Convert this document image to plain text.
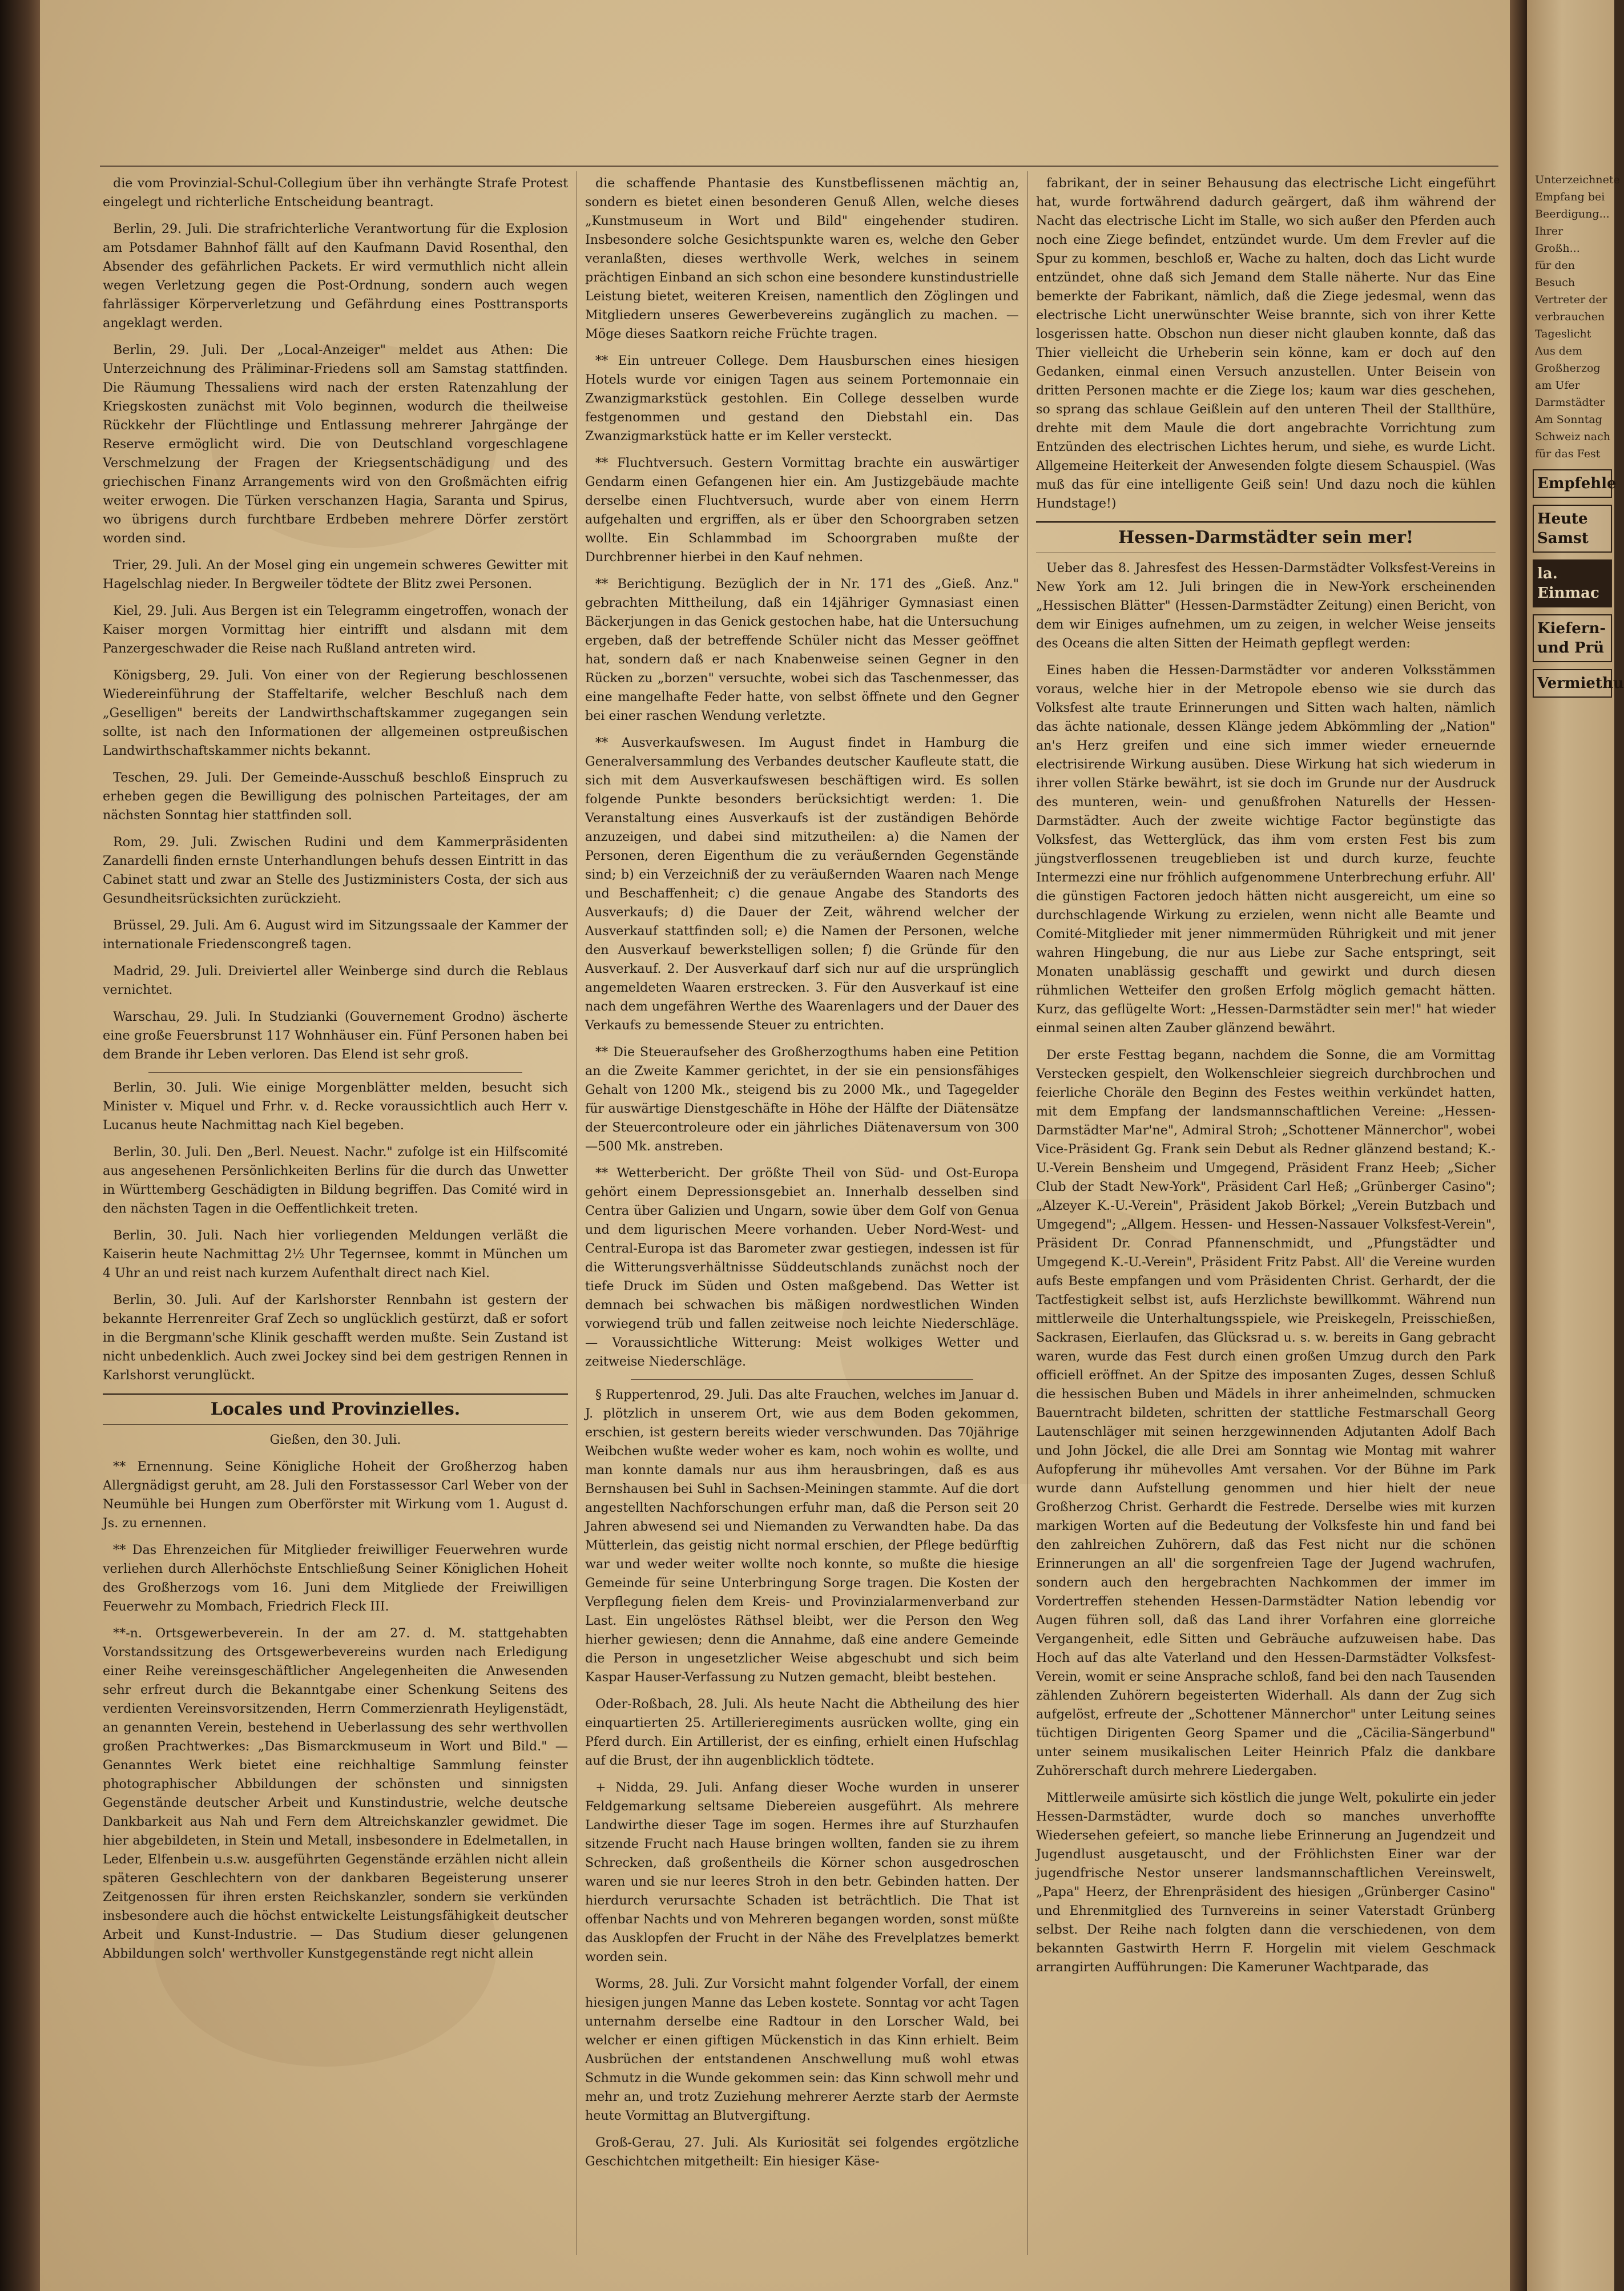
die vom Provinzial-Schul-Collegium über ihn verhängte Strafe Protest eingelegt und richterliche Entscheidung beantragt.

Berlin, 29. Juli. Die strafrichterliche Verantwortung für die Explosion am Potsdamer Bahnhof fällt auf den Kaufmann David Rosenthal, den Absender des gefährlichen Packets. Er wird vermuthlich nicht allein wegen Verletzung gegen die Post-Ordnung, sondern auch wegen fahrlässiger Körperverletzung und Gefährdung eines Posttransports angeklagt werden.

Berlin, 29. Juli. Der „Local-Anzeiger" meldet aus Athen: Die Unterzeichnung des Präliminar-Friedens soll am Samstag stattfinden. Die Räumung Thessaliens wird nach der ersten Ratenzahlung der Kriegskosten zunächst mit Volo beginnen, wodurch die theilweise Rückkehr der Flüchtlinge und Entlassung mehrerer Jahrgänge der Reserve ermöglicht wird. Die von Deutschland vorgeschlagene Verschmelzung der Fragen der Kriegsentschädigung und des griechischen Finanz Arrangements wird von den Großmächten eifrig weiter erwogen. Die Türken verschanzen Hagia, Saranta und Spirus, wo übrigens durch furchtbare Erdbeben mehrere Dörfer zerstört worden sind.

Trier, 29. Juli. An der Mosel ging ein ungemein schweres Gewitter mit Hagelschlag nieder. In Bergweiler tödtete der Blitz zwei Personen.

Kiel, 29. Juli. Aus Bergen ist ein Telegramm eingetroffen, wonach der Kaiser morgen Vormittag hier eintrifft und alsdann mit dem Panzergeschwader die Reise nach Rußland antreten wird.

Königsberg, 29. Juli. Von einer von der Regierung beschlossenen Wiedereinführung der Staffeltarife, welcher Beschluß nach dem „Geselligen" bereits der Landwirthschaftskammer zugegangen sein sollte, ist nach den Informationen der allgemeinen ostpreußischen Landwirthschaftskammer nichts bekannt.

Teschen, 29. Juli. Der Gemeinde-Ausschuß beschloß Einspruch zu erheben gegen die Bewilligung des polnischen Parteitages, der am nächsten Sonntag hier stattfinden soll.

Rom, 29. Juli. Zwischen Rudini und dem Kammerpräsidenten Zanardelli finden ernste Unterhandlungen behufs dessen Eintritt in das Cabinet statt und zwar an Stelle des Justizministers Costa, der sich aus Gesundheitsrücksichten zurückzieht.

Brüssel, 29. Juli. Am 6. August wird im Sitzungssaale der Kammer der internationale Friedenscongreß tagen.

Madrid, 29. Juli. Dreiviertel aller Weinberge sind durch die Reblaus vernichtet.

Warschau, 29. Juli. In Studzianki (Gouvernement Grodno) äscherte eine große Feuersbrunst 117 Wohnhäuser ein. Fünf Personen haben bei dem Brande ihr Leben verloren. Das Elend ist sehr groß.

Berlin, 30. Juli. Wie einige Morgenblätter melden, besucht sich Minister v. Miquel und Frhr. v. d. Recke voraussichtlich auch Herr v. Lucanus heute Nachmittag nach Kiel begeben.

Berlin, 30. Juli. Den „Berl. Neuest. Nachr." zufolge ist ein Hilfscomité aus angesehenen Persönlichkeiten Berlins für die durch das Unwetter in Württemberg Geschädigten in Bildung begriffen. Das Comité wird in den nächsten Tagen in die Oeffentlichkeit treten.

Berlin, 30. Juli. Nach hier vorliegenden Meldungen verläßt die Kaiserin heute Nachmittag 2½ Uhr Tegernsee, kommt in München um 4 Uhr an und reist nach kurzem Aufenthalt direct nach Kiel.

Berlin, 30. Juli. Auf der Karlshorster Rennbahn ist gestern der bekannte Herrenreiter Graf Zech so unglücklich gestürzt, daß er sofort in die Bergmann'sche Klinik geschafft werden mußte. Sein Zustand ist nicht unbedenklich. Auch zwei Jockey sind bei dem gestrigen Rennen in Karlshorst verunglückt.

Locales und Provinzielles.

Gießen, den 30. Juli.

** Ernennung. Seine Königliche Hoheit der Großherzog haben Allergnädigst geruht, am 28. Juli den Forstassessor Carl Weber von der Neumühle bei Hungen zum Oberförster mit Wirkung vom 1. August d. Js. zu ernennen.

** Das Ehrenzeichen für Mitglieder freiwilliger Feuerwehren wurde verliehen durch Allerhöchste Entschließung Seiner Königlichen Hoheit des Großherzogs vom 16. Juni dem Mitgliede der Freiwilligen Feuerwehr zu Mombach, Friedrich Fleck III.

**-n. Ortsgewerbeverein. In der am 27. d. M. stattgehabten Vorstandssitzung des Ortsgewerbevereins wurden nach Erledigung einer Reihe vereinsgeschäftlicher Angelegenheiten die Anwesenden sehr erfreut durch die Bekanntgabe einer Schenkung Seitens des verdienten Vereinsvorsitzenden, Herrn Commerzienrath Heyligenstädt, an genannten Verein, bestehend in Ueberlassung des sehr werthvollen großen Prachtwerkes: „Das Bismarckmuseum in Wort und Bild." — Genanntes Werk bietet eine reichhaltige Sammlung feinster photographischer Abbildungen der schönsten und sinnigsten Gegenstände deutscher Arbeit und Kunstindustrie, welche deutsche Dankbarkeit aus Nah und Fern dem Altreichskanzler gewidmet. Die hier abgebildeten, in Stein und Metall, insbesondere in Edelmetallen, in Leder, Elfenbein u.s.w. ausgeführten Gegenstände erzählen nicht allein späteren Geschlechtern von der dankbaren Begeisterung unserer Zeitgenossen für ihren ersten Reichskanzler, sondern sie verkünden insbesondere auch die höchst entwickelte Leistungsfähigkeit deutscher Arbeit und Kunst-Industrie. — Das Studium dieser gelungenen Abbildungen solch' werthvoller Kunstgegenstände regt nicht allein

die schaffende Phantasie des Kunstbeflissenen mächtig an, sondern es bietet einen besonderen Genuß Allen, welche dieses „Kunstmuseum in Wort und Bild" eingehender studiren. Insbesondere solche Gesichtspunkte waren es, welche den Geber veranlaßten, dieses werthvolle Werk, welches in seinem prächtigen Einband an sich schon eine besondere kunstindustrielle Leistung bietet, weiteren Kreisen, namentlich den Zöglingen und Mitgliedern unseres Gewerbevereins zugänglich zu machen. — Möge dieses Saatkorn reiche Früchte tragen.

** Ein untreuer College. Dem Hausburschen eines hiesigen Hotels wurde vor einigen Tagen aus seinem Portemonnaie ein Zwanzigmarkstück gestohlen. Ein College desselben wurde festgenommen und gestand den Diebstahl ein. Das Zwanzigmarkstück hatte er im Keller versteckt.

** Fluchtversuch. Gestern Vormittag brachte ein auswärtiger Gendarm einen Gefangenen hier ein. Am Justizgebäude machte derselbe einen Fluchtversuch, wurde aber von einem Herrn aufgehalten und ergriffen, als er über den Schoorgraben setzen wollte. Ein Schlammbad im Schoorgraben mußte der Durchbrenner hierbei in den Kauf nehmen.

** Berichtigung. Bezüglich der in Nr. 171 des „Gieß. Anz." gebrachten Mittheilung, daß ein 14jähriger Gymnasiast einen Bäckerjungen in das Genick gestochen habe, hat die Untersuchung ergeben, daß der betreffende Schüler nicht das Messer geöffnet hat, sondern daß er nach Knabenweise seinen Gegner in den Rücken zu „borzen" versuchte, wobei sich das Taschenmesser, das eine mangelhafte Feder hatte, von selbst öffnete und den Gegner bei einer raschen Wendung verletzte.

** Ausverkaufswesen. Im August findet in Hamburg die Generalversammlung des Verbandes deutscher Kaufleute statt, die sich mit dem Ausverkaufswesen beschäftigen wird. Es sollen folgende Punkte besonders berücksichtigt werden: 1. Die Veranstaltung eines Ausverkaufs ist der zuständigen Behörde anzuzeigen, und dabei sind mitzutheilen: a) die Namen der Personen, deren Eigenthum die zu veräußernden Gegenstände sind; b) ein Verzeichniß der zu veräußernden Waaren nach Menge und Beschaffenheit; c) die genaue Angabe des Standorts des Ausverkaufs; d) die Dauer der Zeit, während welcher der Ausverkauf stattfinden soll; e) die Namen der Personen, welche den Ausverkauf bewerkstelligen sollen; f) die Gründe für den Ausverkauf. 2. Der Ausverkauf darf sich nur auf die ursprünglich angemeldeten Waaren erstrecken. 3. Für den Ausverkauf ist eine nach dem ungefähren Werthe des Waarenlagers und der Dauer des Verkaufs zu bemessende Steuer zu entrichten.

** Die Steueraufseher des Großherzogthums haben eine Petition an die Zweite Kammer gerichtet, in der sie ein pensionsfähiges Gehalt von 1200 Mk., steigend bis zu 2000 Mk., und Tagegelder für auswärtige Dienstgeschäfte in Höhe der Hälfte der Diätensätze der Steuercontroleure oder ein jährliches Diätenaversum von 300—500 Mk. anstreben.

** Wetterbericht. Der größte Theil von Süd- und Ost-Europa gehört einem Depressionsgebiet an. Innerhalb desselben sind Centra über Galizien und Ungarn, sowie über dem Golf von Genua und dem ligurischen Meere vorhanden. Ueber Nord-West- und Central-Europa ist das Barometer zwar gestiegen, indessen ist für die Witterungsverhältnisse Süddeutschlands zunächst noch der tiefe Druck im Süden und Osten maßgebend. Das Wetter ist demnach bei schwachen bis mäßigen nordwestlichen Winden vorwiegend trüb und fallen zeitweise noch leichte Niederschläge. — Voraussichtliche Witterung: Meist wolkiges Wetter und zeitweise Niederschläge.

§ Ruppertenrod, 29. Juli. Das alte Frauchen, welches im Januar d. J. plötzlich in unserem Ort, wie aus dem Boden gekommen, erschien, ist gestern bereits wieder verschwunden. Das 70jährige Weibchen wußte weder woher es kam, noch wohin es wollte, und man konnte damals nur aus ihm herausbringen, daß es aus Bernshausen bei Suhl in Sachsen-Meiningen stammte. Auf die dort angestellten Nachforschungen erfuhr man, daß die Person seit 20 Jahren abwesend sei und Niemanden zu Verwandten habe. Da das Mütterlein, das geistig nicht normal erschien, der Pflege bedürftig war und weder weiter wollte noch konnte, so mußte die hiesige Gemeinde für seine Unterbringung Sorge tragen. Die Kosten der Verpflegung fielen dem Kreis- und Provinzialarmenverband zur Last. Ein ungelöstes Räthsel bleibt, wer die Person den Weg hierher gewiesen; denn die Annahme, daß eine andere Gemeinde die Person in ungesetzlicher Weise abgeschubt und sich beim Kaspar Hauser-Verfassung zu Nutzen gemacht, bleibt bestehen.

Oder-Roßbach, 28. Juli. Als heute Nacht die Abtheilung des hier einquartierten 25. Artillerieregiments ausrücken wollte, ging ein Pferd durch. Ein Artillerist, der es einfing, erhielt einen Hufschlag auf die Brust, der ihn augenblicklich tödtete.

+ Nidda, 29. Juli. Anfang dieser Woche wurden in unserer Feldgemarkung seltsame Diebereien ausgeführt. Als mehrere Landwirthe dieser Tage im sogen. Hermes ihre auf Sturzhaufen sitzende Frucht nach Hause bringen wollten, fanden sie zu ihrem Schrecken, daß großentheils die Körner schon ausgedroschen waren und sie nur leeres Stroh in den betr. Gebinden hatten. Der hierdurch verursachte Schaden ist beträchtlich. Die That ist offenbar Nachts und von Mehreren begangen worden, sonst müßte das Ausklopfen der Frucht in der Nähe des Frevelplatzes bemerkt worden sein.

Worms, 28. Juli. Zur Vorsicht mahnt folgender Vorfall, der einem hiesigen jungen Manne das Leben kostete. Sonntag vor acht Tagen unternahm derselbe eine Radtour in den Lorscher Wald, bei welcher er einen giftigen Mückenstich in das Kinn erhielt. Beim Ausbrüchen der entstandenen Anschwellung muß wohl etwas Schmutz in die Wunde gekommen sein: das Kinn schwoll mehr und mehr an, und trotz Zuziehung mehrerer Aerzte starb der Aermste heute Vormittag an Blutvergiftung.

Groß-Gerau, 27. Juli. Als Kuriosität sei folgendes ergötzliche Geschichtchen mitgetheilt: Ein hiesiger Käse-

fabrikant, der in seiner Behausung das electrische Licht eingeführt hat, wurde fortwährend dadurch geärgert, daß ihm während der Nacht das electrische Licht im Stalle, wo sich außer den Pferden auch noch eine Ziege befindet, entzündet wurde. Um dem Frevler auf die Spur zu kommen, beschloß er, Wache zu halten, doch das Licht wurde entzündet, ohne daß sich Jemand dem Stalle näherte. Nur das Eine bemerkte der Fabrikant, nämlich, daß die Ziege jedesmal, wenn das electrische Licht unerwünschter Weise brannte, sich von ihrer Kette losgerissen hatte. Obschon nun dieser nicht glauben konnte, daß das Thier vielleicht die Urheberin sein könne, kam er doch auf den Gedanken, einmal einen Versuch anzustellen. Unter Beisein von dritten Personen machte er die Ziege los; kaum war dies geschehen, so sprang das schlaue Geißlein auf den unteren Theil der Stallthüre, drehte mit dem Maule die dort angebrachte Vorrichtung zum Entzünden des electrischen Lichtes herum, und siehe, es wurde Licht. Allgemeine Heiterkeit der Anwesenden folgte diesem Schauspiel. (Was muß das für eine intelligente Geiß sein! Und dazu noch die kühlen Hundstage!)

Hessen-Darmstädter sein mer!

Ueber das 8. Jahresfest des Hessen-Darmstädter Volksfest-Vereins in New York am 12. Juli bringen die in New-York erscheinenden „Hessischen Blätter" (Hessen-Darmstädter Zeitung) einen Bericht, von dem wir Einiges aufnehmen, um zu zeigen, in welcher Weise jenseits des Oceans die alten Sitten der Heimath gepflegt werden:

Eines haben die Hessen-Darmstädter vor anderen Volksstämmen voraus, welche hier in der Metropole ebenso wie sie durch das Volksfest alte traute Erinnerungen und Sitten wach halten, nämlich das ächte nationale, dessen Klänge jedem Abkömmling der „Nation" an's Herz greifen und eine sich immer wieder erneuernde electrisirende Wirkung ausüben. Diese Wirkung hat sich wiederum in ihrer vollen Stärke bewährt, ist sie doch im Grunde nur der Ausdruck des munteren, wein- und genußfrohen Naturells der Hessen-Darmstädter. Auch der zweite wichtige Factor begünstigte das Volksfest, das Wetterglück, das ihm vom ersten Fest bis zum jüngstverflossenen treugeblieben ist und durch kurze, feuchte Intermezzi eine nur fröhlich aufgenommene Unterbrechung erfuhr. All' die günstigen Factoren jedoch hätten nicht ausgereicht, um eine so durchschlagende Wirkung zu erzielen, wenn nicht alle Beamte und Comité-Mitglieder mit jener nimmermüden Rührigkeit und mit jener wahren Hingebung, die nur aus Liebe zur Sache entspringt, seit Monaten unablässig geschafft und gewirkt und durch diesen rühmlichen Wetteifer den großen Erfolg möglich gemacht hätten. Kurz, das geflügelte Wort: „Hessen-Darmstädter sein mer!" hat wieder einmal seinen alten Zauber glänzend bewährt.

Der erste Festtag begann, nachdem die Sonne, die am Vormittag Verstecken gespielt, den Wolkenschleier siegreich durchbrochen und feierliche Choräle den Beginn des Festes weithin verkündet hatten, mit dem Empfang der landsmannschaftlichen Vereine: „Hessen-Darmstädter Mar'ne", Admiral Stroh; „Schottener Männerchor", wobei Vice-Präsident Gg. Frank sein Debut als Redner glänzend bestand; K.-U.-Verein Bensheim und Umgegend, Präsident Franz Heeb; „Sicher Club der Stadt New-York", Präsident Carl Heß; „Grünberger Casino"; „Alzeyer K.-U.-Verein", Präsident Jakob Börkel; „Verein Butzbach und Umgegend"; „Allgem. Hessen- und Hessen-Nassauer Volksfest-Verein", Präsident Dr. Conrad Pfannenschmidt, und „Pfungstädter und Umgegend K.-U.-Verein", Präsident Fritz Pabst. All' die Vereine wurden aufs Beste empfangen und vom Präsidenten Christ. Gerhardt, der die Tactfestigkeit selbst ist, aufs Herzlichste bewillkommt. Während nun mittlerweile die Unterhaltungsspiele, wie Preiskegeln, Preisschießen, Sackrasen, Eierlaufen, das Glücksrad u. s. w. bereits in Gang gebracht waren, wurde das Fest durch einen großen Umzug durch den Park officiell eröffnet. An der Spitze des imposanten Zuges, dessen Schluß die hessischen Buben und Mädels in ihrer anheimelnden, schmucken Bauerntracht bildeten, schritten der stattliche Festmarschall Georg Lautenschläger mit seinen herzgewinnenden Adjutanten Adolf Bach und John Jöckel, die alle Drei am Sonntag wie Montag mit wahrer Aufopferung ihr mühevolles Amt versahen. Vor der Bühne im Park wurde dann Aufstellung genommen und hier hielt der neue Großherzog Christ. Gerhardt die Festrede. Derselbe wies mit kurzen markigen Worten auf die Bedeutung der Volksfeste hin und fand bei den zahlreichen Zuhörern, daß das Fest nicht nur die schönen Erinnerungen an all' die sorgenfreien Tage der Jugend wachrufen, sondern auch den hergebrachten Nachkommen der immer im Vordertreffen stehenden Hessen-Darmstädter Nation lebendig vor Augen führen soll, daß das Land ihrer Vorfahren eine glorreiche Vergangenheit, edle Sitten und Gebräuche aufzuweisen habe. Das Hoch auf das alte Vaterland und den Hessen-Darmstädter Volksfest-Verein, womit er seine Ansprache schloß, fand bei den nach Tausenden zählenden Zuhörern begeisterten Widerhall. Als dann der Zug sich aufgelöst, erfreute der „Schottener Männerchor" unter Leitung seines tüchtigen Dirigenten Georg Spamer und die „Cäcilia-Sängerbund" unter seinem musikalischen Leiter Heinrich Pfalz die dankbare Zuhörerschaft durch mehrere Liedergaben.

Mittlerweile amüsirte sich köstlich die junge Welt, pokulirte ein jeder Hessen-Darmstädter, wurde doch so manches unverhoffte Wiedersehen gefeiert, so manche liebe Erinnerung an Jugendzeit und Jugendlust ausgetauscht, und der Fröhlichsten Einer war der jugendfrische Nestor unserer landsmannschaftlichen Vereinswelt, „Papa" Heerz, der Ehrenpräsident des hiesigen „Grünberger Casino" und Ehrenmitglied des Turnvereins in seiner Vaterstadt Grünberg selbst. Der Reihe nach folgten dann die verschiedenen, von dem bekannten Gastwirth Herrn F. Horgelin mit vielem Geschmack arrangirten Aufführungen: Die Kameruner Wachtparade, das

Unterzeichnete Empfang bei
Beerdigung... Ihrer Großh...
für den Besuch
Vertreter der
verbrauchen
Tageslicht
Aus dem
Großherzog
am Ufer
Darmstädter
Am Sonntag
Schweiz nach
für das Fest
Empfehle
Heute Samst
la. Einmac
Kiefern-
und Prü
Vermiethu
